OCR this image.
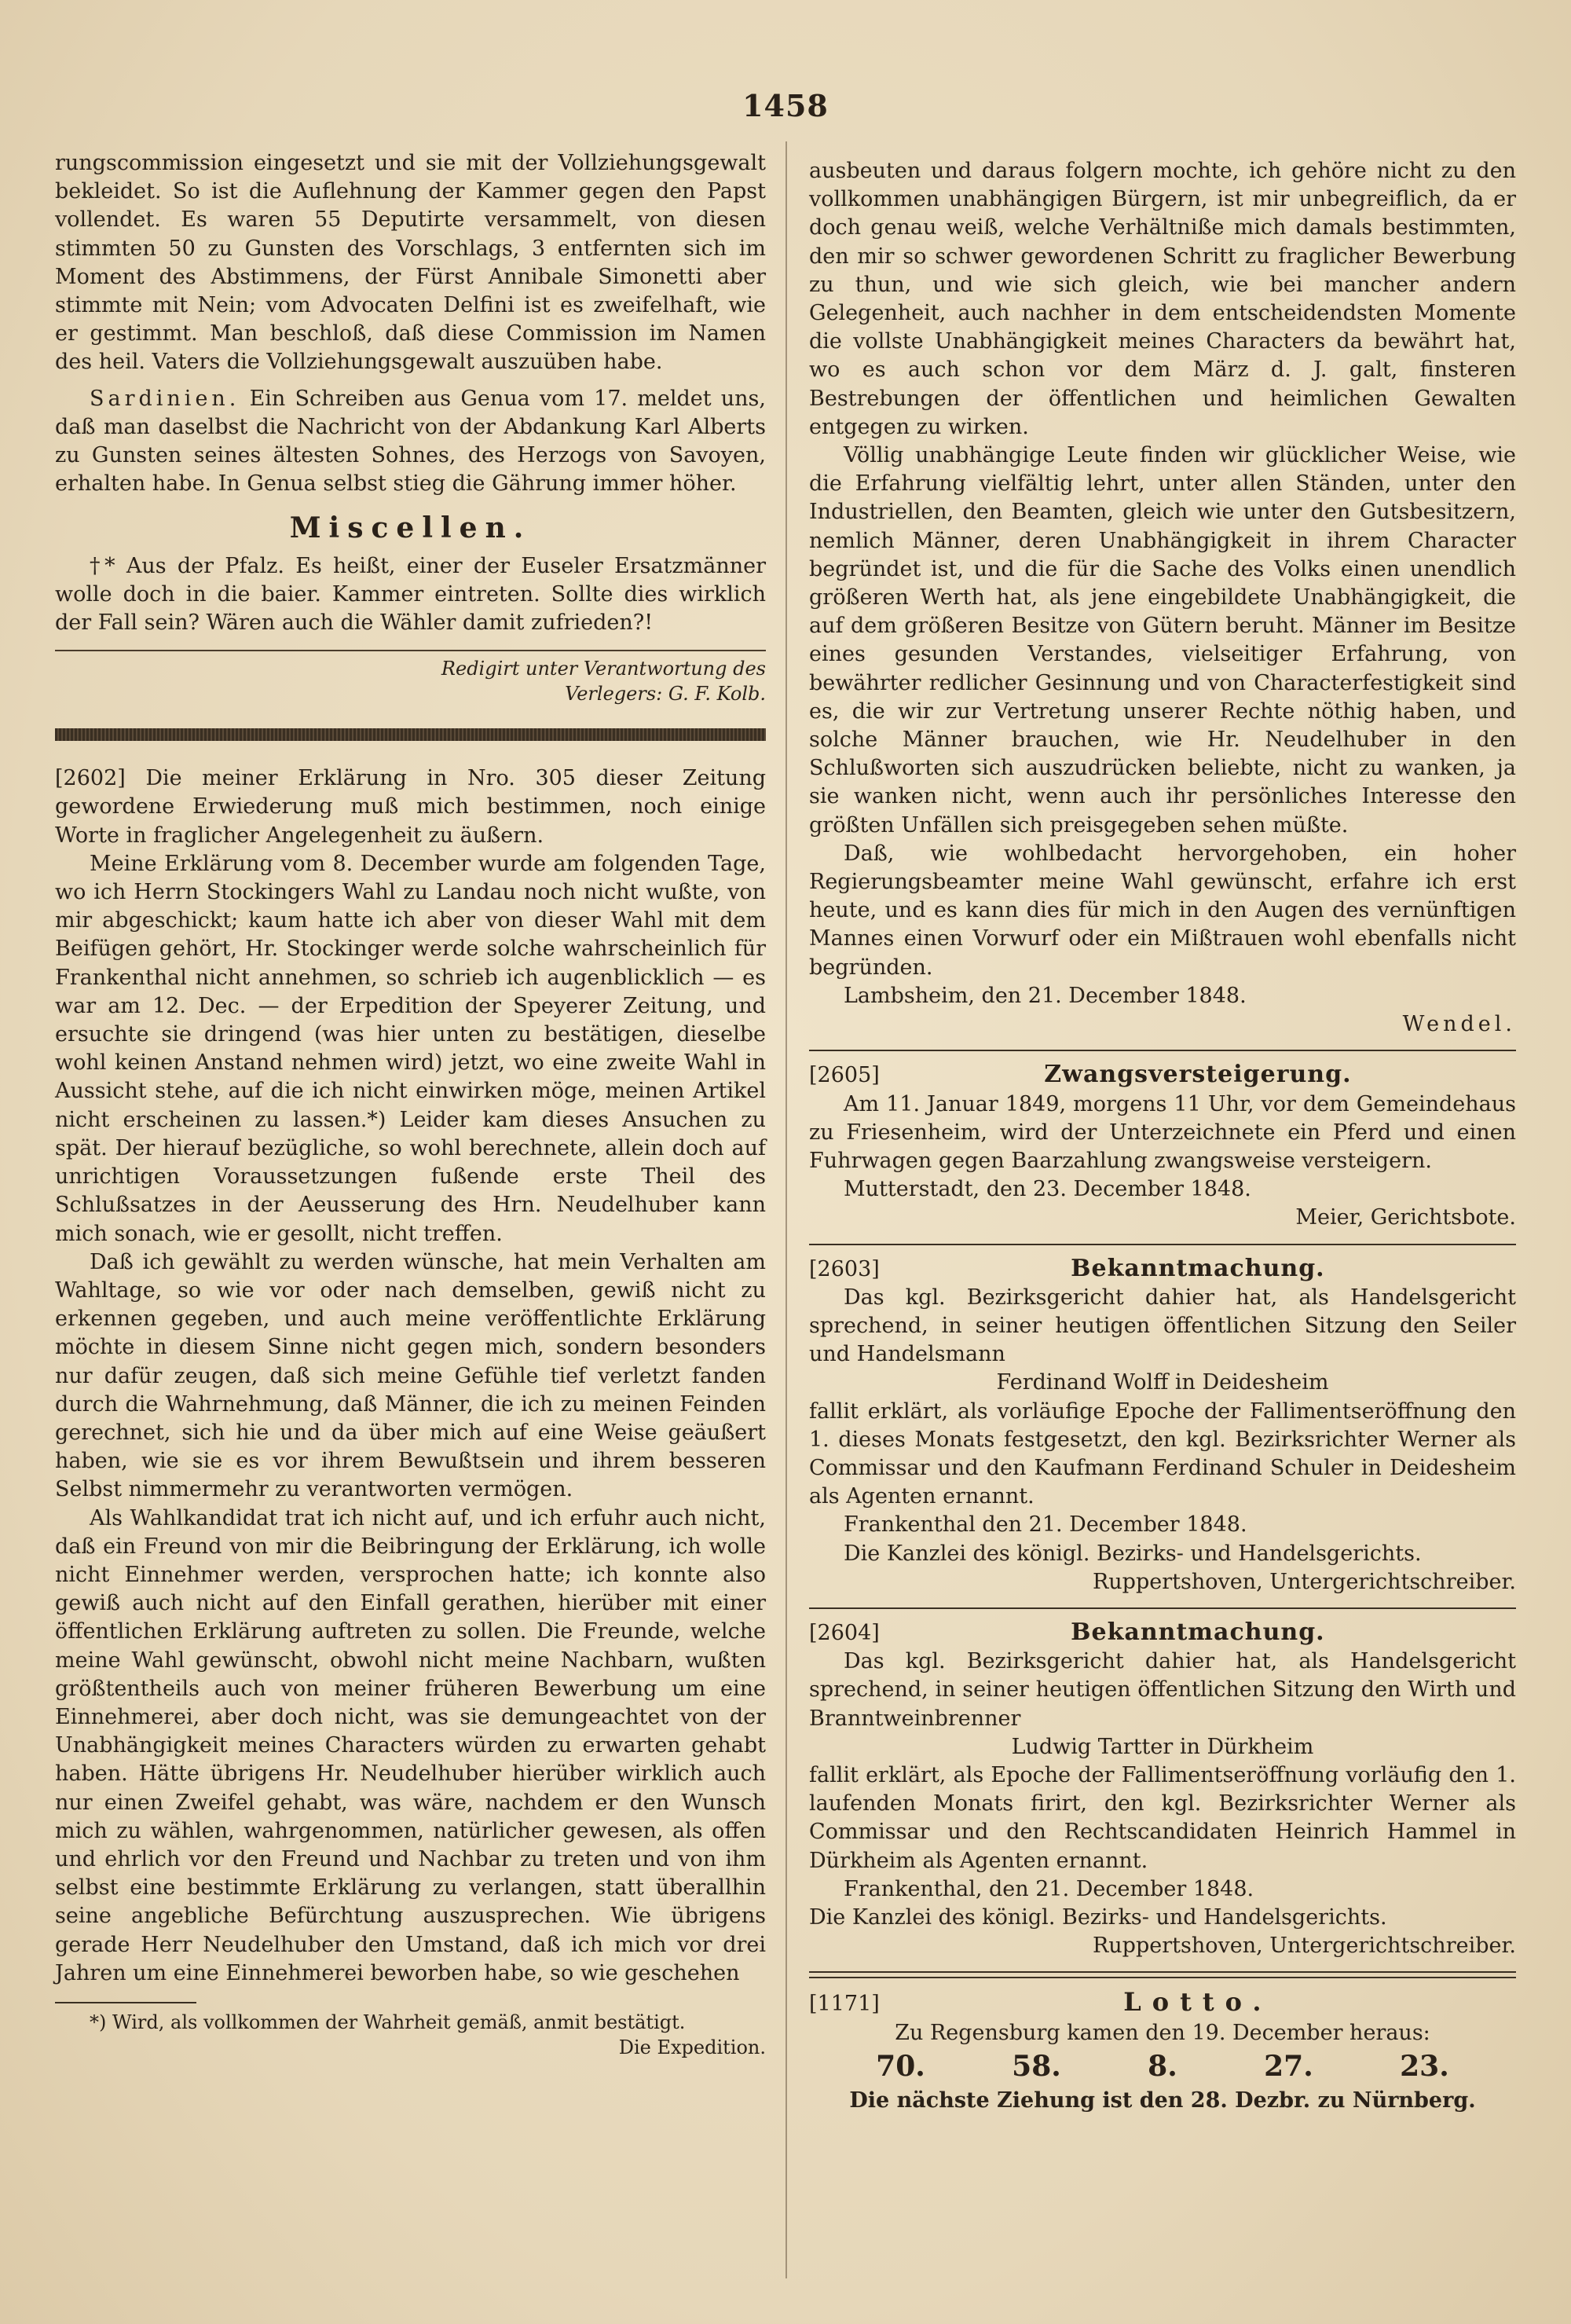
1458

rungscommission eingesetzt und sie mit der Vollziehungsgewalt bekleidet. So ist die Auflehnung der Kammer gegen den Papst vollendet. Es waren 55 Deputirte versammelt, von diesen stimmten 50 zu Gunsten des Vorschlags, 3 entfernten sich im Moment des Abstimmens, der Fürst Annibale Simonetti aber stimmte mit Nein; vom Advocaten Delfini ist es zweifelhaft, wie er gestimmt. Man beschloß, daß diese Commission im Namen des heil. Vaters die Vollziehungsgewalt auszuüben habe.

Sardinien. Ein Schreiben aus Genua vom 17. meldet uns, daß man daselbst die Nachricht von der Abdankung Karl Alberts zu Gunsten seines ältesten Sohnes, des Herzogs von Savoyen, erhalten habe. In Genua selbst stieg die Gährung immer höher.

Miscellen.

†* Aus der Pfalz. Es heißt, einer der Euseler Ersatzmänner wolle doch in die baier. Kammer eintreten. Sollte dies wirklich der Fall sein? Wären auch die Wähler damit zufrieden?!

Redigirt unter Verantwortung des
Verlegers: G. F. Kolb.

[2602] Die meiner Erklärung in Nro. 305 dieser Zeitung gewordene Erwiederung muß mich bestimmen, noch einige Worte in fraglicher Angelegenheit zu äußern.

Meine Erklärung vom 8. December wurde am folgenden Tage, wo ich Herrn Stockingers Wahl zu Landau noch nicht wußte, von mir abgeschickt; kaum hatte ich aber von dieser Wahl mit dem Beifügen gehört, Hr. Stockinger werde solche wahrscheinlich für Frankenthal nicht annehmen, so schrieb ich augenblicklich — es war am 12. Dec. — der Erpedition der Speyerer Zeitung, und ersuchte sie dringend (was hier unten zu bestätigen, dieselbe wohl keinen Anstand nehmen wird) jetzt, wo eine zweite Wahl in Aussicht stehe, auf die ich nicht einwirken möge, meinen Artikel nicht erscheinen zu lassen.*) Leider kam dieses Ansuchen zu spät. Der hierauf bezügliche, so wohl berechnete, allein doch auf unrichtigen Voraussetzungen fußende erste Theil des Schlußsatzes in der Aeusserung des Hrn. Neudelhuber kann mich sonach, wie er gesollt, nicht treffen.

Daß ich gewählt zu werden wünsche, hat mein Verhalten am Wahltage, so wie vor oder nach demselben, gewiß nicht zu erkennen gegeben, und auch meine veröffentlichte Erklärung möchte in diesem Sinne nicht gegen mich, sondern besonders nur dafür zeugen, daß sich meine Gefühle tief verletzt fanden durch die Wahrnehmung, daß Männer, die ich zu meinen Feinden gerechnet, sich hie und da über mich auf eine Weise geäußert haben, wie sie es vor ihrem Bewußtsein und ihrem besseren Selbst nimmermehr zu verantworten vermögen.

Als Wahlkandidat trat ich nicht auf, und ich erfuhr auch nicht, daß ein Freund von mir die Beibringung der Erklärung, ich wolle nicht Einnehmer werden, versprochen hatte; ich konnte also gewiß auch nicht auf den Einfall gerathen, hierüber mit einer öffentlichen Erklärung auftreten zu sollen. Die Freunde, welche meine Wahl gewünscht, obwohl nicht meine Nachbarn, wußten größtentheils auch von meiner früheren Bewerbung um eine Einnehmerei, aber doch nicht, was sie demungeachtet von der Unabhängigkeit meines Characters würden zu erwarten gehabt haben. Hätte übrigens Hr. Neudelhuber hierüber wirklich auch nur einen Zweifel gehabt, was wäre, nachdem er den Wunsch mich zu wählen, wahrgenommen, natürlicher gewesen, als offen und ehrlich vor den Freund und Nachbar zu treten und von ihm selbst eine bestimmte Erklärung zu verlangen, statt überallhin seine angebliche Befürchtung auszusprechen. Wie übrigens gerade Herr Neudelhuber den Umstand, daß ich mich vor drei Jahren um eine Einnehmerei beworben habe, so wie geschehen

*) Wird, als vollkommen der Wahrheit gemäß, anmit bestätigt.

Die Expedition.

ausbeuten und daraus folgern mochte, ich gehöre nicht zu den vollkommen unabhängigen Bürgern, ist mir unbegreiflich, da er doch genau weiß, welche Verhältniße mich damals bestimmten, den mir so schwer gewordenen Schritt zu fraglicher Bewerbung zu thun, und wie sich gleich, wie bei mancher andern Gelegenheit, auch nachher in dem entscheidendsten Momente die vollste Unabhängigkeit meines Characters da bewährt hat, wo es auch schon vor dem März d. J. galt, finsteren Bestrebungen der öffentlichen und heimlichen Gewalten entgegen zu wirken.

Völlig unabhängige Leute finden wir glücklicher Weise, wie die Erfahrung vielfältig lehrt, unter allen Ständen, unter den Industriellen, den Beamten, gleich wie unter den Gutsbesitzern, nemlich Männer, deren Unabhängigkeit in ihrem Character begründet ist, und die für die Sache des Volks einen unendlich größeren Werth hat, als jene eingebildete Unabhängigkeit, die auf dem größeren Besitze von Gütern beruht. Männer im Besitze eines gesunden Verstandes, vielseitiger Erfahrung, von bewährter redlicher Gesinnung und von Characterfestigkeit sind es, die wir zur Vertretung unserer Rechte nöthig haben, und solche Männer brauchen, wie Hr. Neudelhuber in den Schlußworten sich auszudrücken beliebte, nicht zu wanken, ja sie wanken nicht, wenn auch ihr persönliches Interesse den größten Unfällen sich preisgegeben sehen müßte.

Daß, wie wohlbedacht hervorgehoben, ein hoher Regierungsbeamter meine Wahl gewünscht, erfahre ich erst heute, und es kann dies für mich in den Augen des vernünftigen Mannes einen Vorwurf oder ein Mißtrauen wohl ebenfalls nicht begründen.

Lambsheim, den 21. December 1848.

Wendel.

[2605]	Zwangsversteigerung.

Am 11. Januar 1849, morgens 11 Uhr, vor dem Gemeindehaus zu Friesenheim, wird der Unterzeichnete ein Pferd und einen Fuhrwagen gegen Baarzahlung zwangsweise versteigern.

Mutterstadt, den 23. December 1848.

Meier, Gerichtsbote.

[2603]	Bekanntmachung.

Das kgl. Bezirksgericht dahier hat, als Handelsgericht sprechend, in seiner heutigen öffentlichen Sitzung den Seiler und Handelsmann

Ferdinand Wolff in Deidesheim

fallit erklärt, als vorläufige Epoche der Fallimentseröffnung den 1. dieses Monats festgesetzt, den kgl. Bezirksrichter Werner als Commissar und den Kaufmann Ferdinand Schuler in Deidesheim als Agenten ernannt.

Frankenthal den 21. December 1848.

Die Kanzlei des königl. Bezirks- und Handelsgerichts.

Ruppertshoven, Untergerichtschreiber.

[2604]	Bekanntmachung.

Das kgl. Bezirksgericht dahier hat, als Handelsgericht sprechend, in seiner heutigen öffentlichen Sitzung den Wirth und Branntweinbrenner

Ludwig Tartter in Dürkheim

fallit erklärt, als Epoche der Fallimentseröffnung vorläufig den 1. laufenden Monats firirt, den kgl. Bezirksrichter Werner als Commissar und den Rechtscandidaten Heinrich Hammel in Dürkheim als Agenten ernannt.

Frankenthal, den 21. December 1848.

Die Kanzlei des königl. Bezirks- und Handelsgerichts.

Ruppertshoven, Untergerichtschreiber.

[1171]	Lotto.

Zu Regensburg kamen den 19. December heraus:

70.	58.	8.	27.	23.

Die nächste Ziehung ist den 28. Dezbr. zu Nürnberg.
